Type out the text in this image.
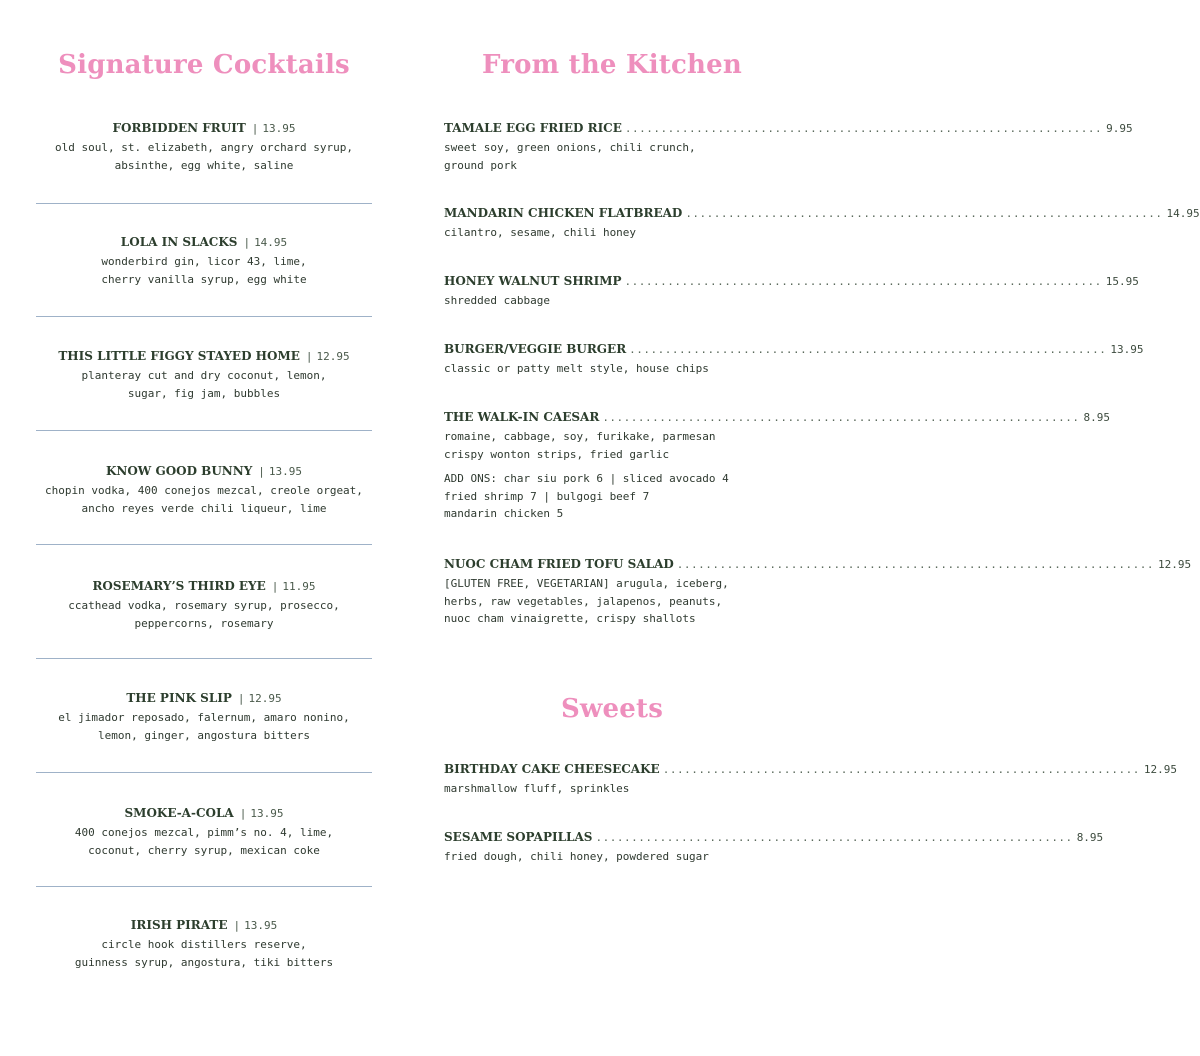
Signature Cocktails	From the Kitchen
Sweets
FORBIDDEN FRUIT | 13.95
old soul, st. elizabeth, angry orchard syrup,
absinthe, egg white, saline
LOLA IN SLACKS | 14.95
wonderbird gin, licor 43, lime,
cherry vanilla syrup, egg white
THIS LITTLE FIGGY STAYED HOME | 12.95
planteray cut and dry coconut, lemon,
sugar, fig jam, bubbles
KNOW GOOD BUNNY | 13.95
chopin vodka, 400 conejos mezcal, creole orgeat,
ancho reyes verde chili liqueur, lime
ROSEMARY’S THIRD EYE | 11.95
ccathead vodka, rosemary syrup, prosecco,
peppercorns, rosemary
THE PINK SLIP | 12.95
el jimador reposado, falernum, amaro nonino,
lemon, ginger, angostura bitters
SMOKE-A-COLA | 13.95
400 conejos mezcal, pimm’s no. 4, lime,
coconut, cherry syrup, mexican coke
IRISH PIRATE | 13.95
circle hook distillers reserve,
guinness syrup, angostura, tiki bitters
TAMALE EGG FRIED RICE ................................................................... 9.95
sweet soy, green onions, chili crunch,
ground pork
MANDARIN CHICKEN FLATBREAD ................................................................... 14.95
cilantro, sesame, chili honey
HONEY WALNUT SHRIMP ................................................................... 15.95
shredded cabbage
BURGER/VEGGIE BURGER ................................................................... 13.95
classic or patty melt style, house chips
THE WALK-IN CAESAR ................................................................... 8.95
romaine, cabbage, soy, furikake, parmesan
crispy wonton strips, fried garlic
ADD ONS: char siu pork 6 | sliced avocado 4
fried shrimp 7 | bulgogi beef 7
mandarin chicken 5
NUOC CHAM FRIED TOFU SALAD ................................................................... 12.95
[GLUTEN FREE, VEGETARIAN] arugula, iceberg,
herbs, raw vegetables, jalapenos, peanuts,
nuoc cham vinaigrette, crispy shallots
BIRTHDAY CAKE CHEESECAKE ................................................................... 12.95
marshmallow fluff, sprinkles
SESAME SOPAPILLAS ................................................................... 8.95
fried dough, chili honey, powdered sugar
